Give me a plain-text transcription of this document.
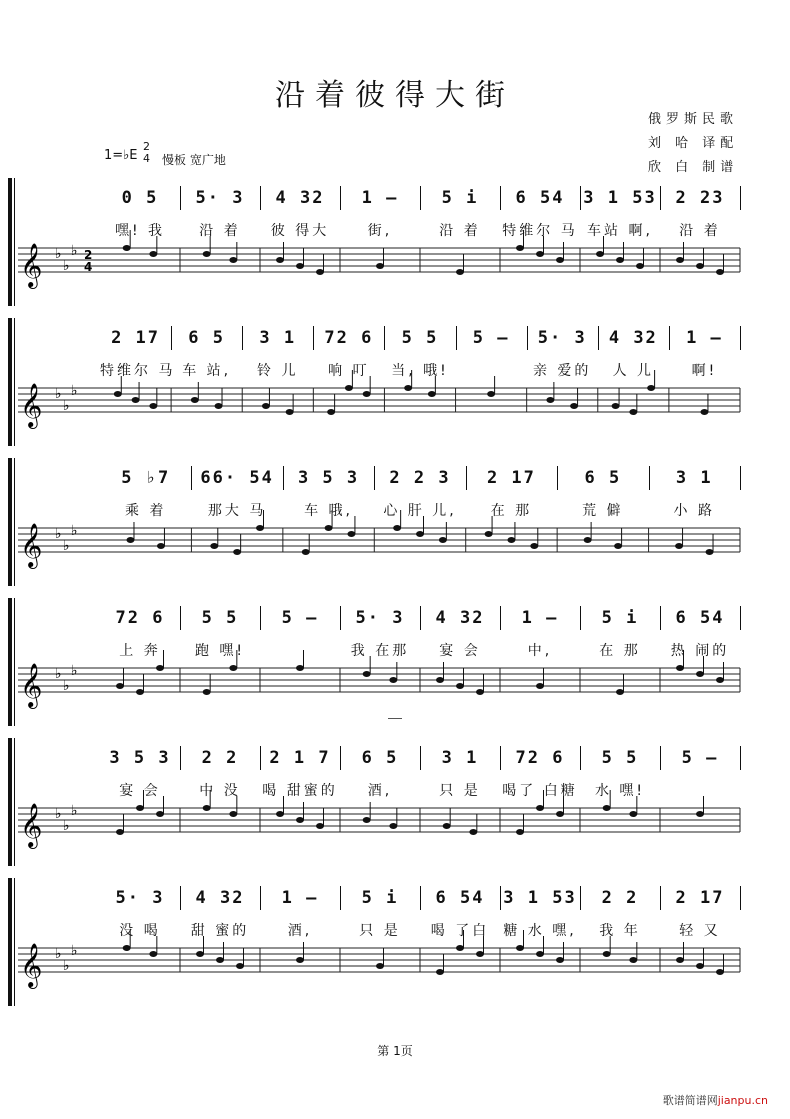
沿着彼得大街
俄罗斯民歌
刘 哈 译配
欣 白 制谱
1=♭E
2
4 慢板 宽广地
0 5
嘿! 我
5· 3
沿 着
4 32
彼 得大
1 –
街,
5 i
沿 着
6 54
特维尔 马
3 1 53
车站 啊,
2 23
沿 着
𝄞 ♭
♭
♭ 2
4
2 17
特维尔 马
6 5
车 站,
3 1
铃 儿
72 6
响 叮
5 5
当, 哦!
5 –	5· 3
亲 爱的
4 32
人 儿
1 –
啊!
𝄞 ♭
♭
♭
5 ♭7
乘 着
66· 54
那大 马
3 5 3
车 哦,
2 2 3
心 肝 儿,
2 17
在 那
6 5
荒 僻
3 1
小 路
𝄞 ♭
♭
♭
72 6
上 奔
5 5
跑 嘿!
5 –	5· 3
我 在那
4 32
宴 会
1 –
中,
5 i
在 那
6 54
热 闹的
𝄞 ♭
♭
♭
3 5 3
宴 会
2 2
中 没
2 1 7
喝 甜蜜的
6 5
酒,
3 1
只 是
72 6
喝了 白糖
5 5
水 嘿!
5 –
𝄞 ♭
♭
♭
5· 3
没 喝
4 32
甜 蜜的
1 –
酒,
5 i
只 是
6 54
喝 了白
3 1 53
糖 水 嘿,
2 2
我 年
2 17
轻 又
𝄞 ♭
♭
♭
第 1页
歌谱简谱网jianpu.cn
